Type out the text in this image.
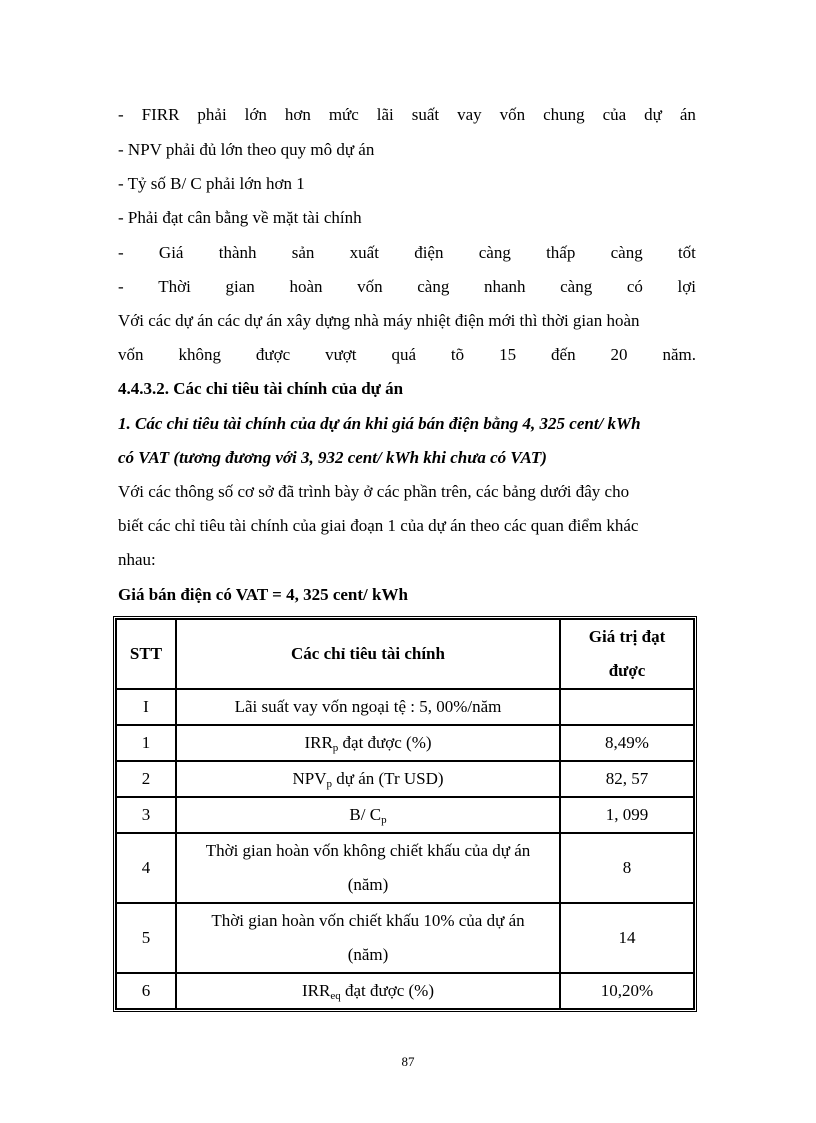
- FIRR phải lớn hơn mức lãi suất vay vốn chung của dự án
- NPV phải đủ lớn theo quy mô dự án
- Tỷ số B/ C phải lớn hơn 1
- Phải đạt cân bằng về mặt tài chính
- Giá thành sản xuất điện càng thấp càng tốt
- Thời gian hoàn vốn càng nhanh càng có lợi
Với các dự án các dự án xây dựng nhà máy nhiệt điện mới thì thời gian hoàn
vốn không được vượt quá tõ 15 đến 20 năm.
4.4.3.2. Các chỉ tiêu tài chính của dự án
1. Các chỉ tiêu tài chính của dự án khi giá bán điện bằng 4, 325 cent/ kWh
có VAT (tương đương với 3, 932 cent/ kWh khi chưa có VAT)
Với các thông số cơ sở đã trình bày ở các phần trên, các bảng dưới đây cho
biết các chỉ tiêu tài chính của giai đoạn 1 của dự án theo các quan điểm khác
nhau:
Giá bán điện có VAT = 4, 325 cent/ kWh
STT	Các chỉ tiêu tài chính	Giá trị đạt
được

I	Lãi suất vay vốn ngoại tệ : 5, 00%/năm	
1	$IRR_p$ đạt được (%)	8,49%
2	$NPV_p$ dự án (Tr USD)	82, 57
3	B/ $C_p$	1, 099
4	Thời gian hoàn vốn không chiết khấu của dự án
(năm)	8
5	Thời gian hoàn vốn chiết khấu 10% của dự án
(năm)	14
6	$IRR_{eq}$ đạt được (%)	10,20%
87
